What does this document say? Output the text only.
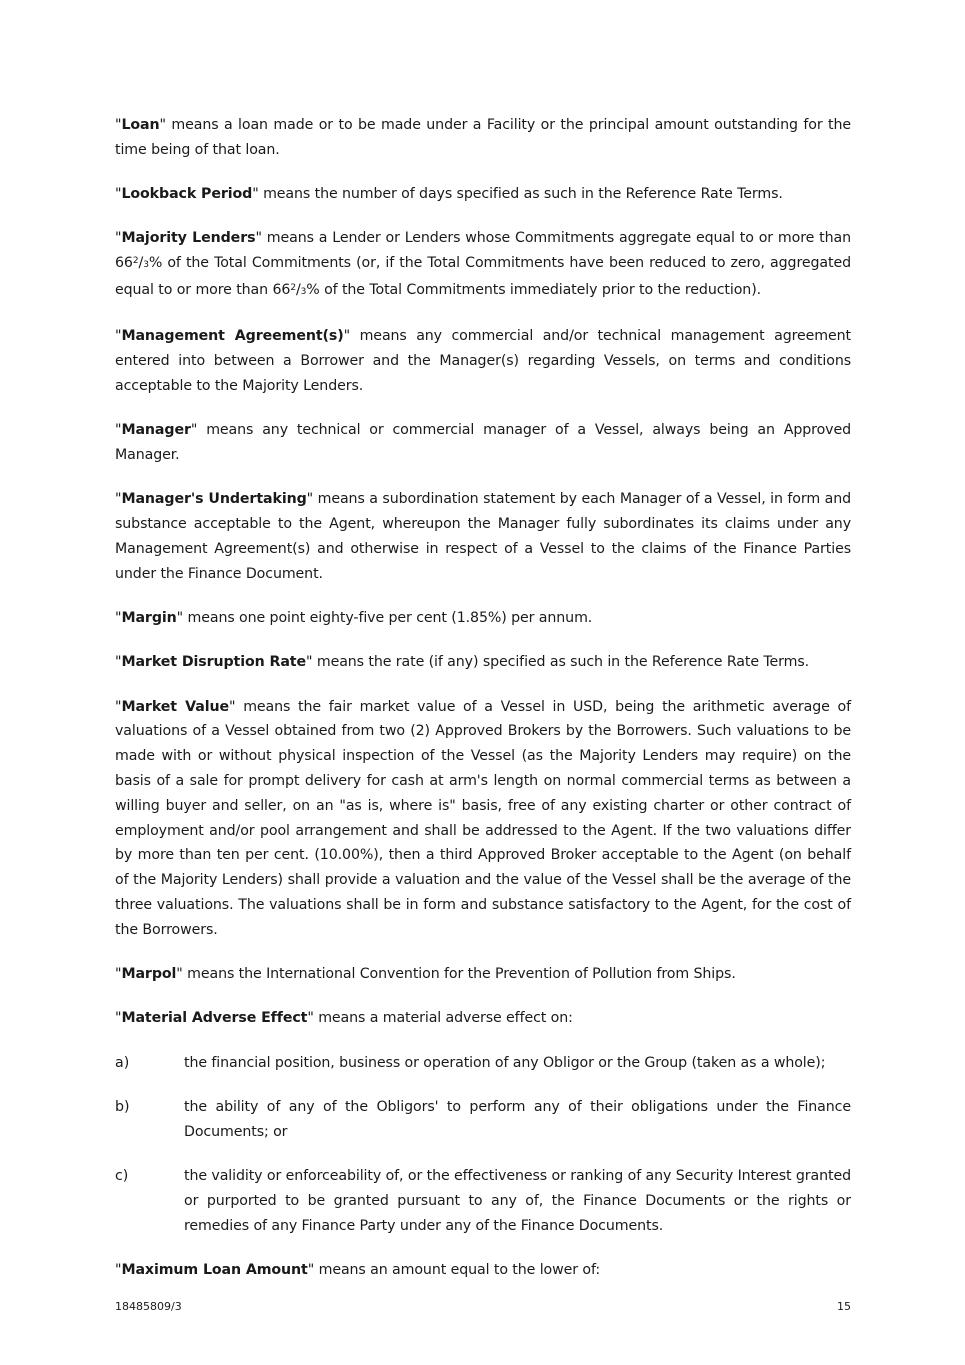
"Loan" means a loan made or to be made under a Facility or the principal amount outstanding for the time being of that loan.

"Lookback Period" means the number of days specified as such in the Reference Rate Terms.

"Majority Lenders" means a Lender or Lenders whose Commitments aggregate equal to or more than $66^2/3\%$ of the Total Commitments (or, if the Total Commitments have been reduced to zero, aggregated equal to or more than $66^2/3\%$ of the Total Commitments immediately prior to the reduction).

"Management Agreement(s)" means any commercial and/or technical management agreement entered into between a Borrower and the Manager(s) regarding Vessels, on terms and conditions acceptable to the Majority Lenders.

"Manager" means any technical or commercial manager of a Vessel, always being an Approved Manager.

"Manager's Undertaking" means a subordination statement by each Manager of a Vessel, in form and substance acceptable to the Agent, whereupon the Manager fully subordinates its claims under any Management Agreement(s) and otherwise in respect of a Vessel to the claims of the Finance Parties under the Finance Document.

"Margin" means one point eighty-five per cent (1.85%) per annum.

"Market Disruption Rate" means the rate (if any) specified as such in the Reference Rate Terms.

"Market Value" means the fair market value of a Vessel in USD, being the arithmetic average of valuations of a Vessel obtained from two (2) Approved Brokers by the Borrowers. Such valuations to be made with or without physical inspection of the Vessel (as the Majority Lenders may require) on the basis of a sale for prompt delivery for cash at arm's length on normal commercial terms as between a willing buyer and seller, on an "as is, where is" basis, free of any existing charter or other contract of employment and/or pool arrangement and shall be addressed to the Agent. If the two valuations differ by more than ten per cent. (10.00%), then a third Approved Broker acceptable to the Agent (on behalf of the Majority Lenders) shall provide a valuation and the value of the Vessel shall be the average of the three valuations. The valuations shall be in form and substance satisfactory to the Agent, for the cost of the Borrowers.

"Marpol" means the International Convention for the Prevention of Pollution from Ships.

"Material Adverse Effect" means a material adverse effect on:

a)	the financial position, business or operation of any Obligor or the Group (taken as a whole);
b)	the ability of any of the Obligors' to perform any of their obligations under the Finance Documents; or
c)	the validity or enforceability of, or the effectiveness or ranking of any Security Interest granted or purported to be granted pursuant to any of, the Finance Documents or the rights or remedies of any Finance Party under any of the Finance Documents.

"Maximum Loan Amount" means an amount equal to the lower of:

18485809/3	15
